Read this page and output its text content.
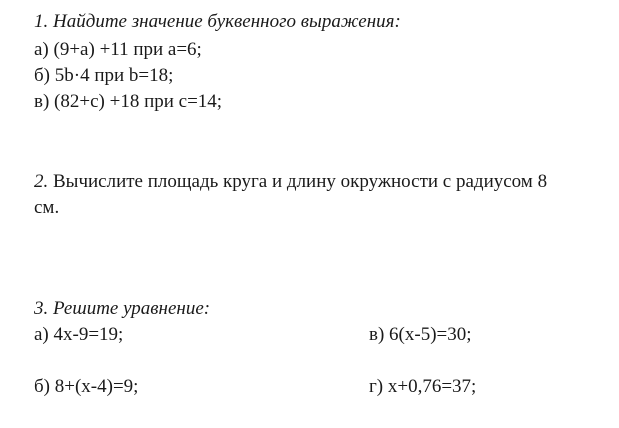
1. Найдите значение буквенного выражения:
а) (9+а) +11 при а=6;
б) 5b·4 при b=18;
в) (82+с) +18 при с=14;
2. Вычислите площадь круга и длину окружности с радиусом 8
см.
3. Решите уравнение:
а) 4х-9=19;	в) 6(х-5)=30;
б) 8+(х-4)=9;	г) х+0,76=37;
